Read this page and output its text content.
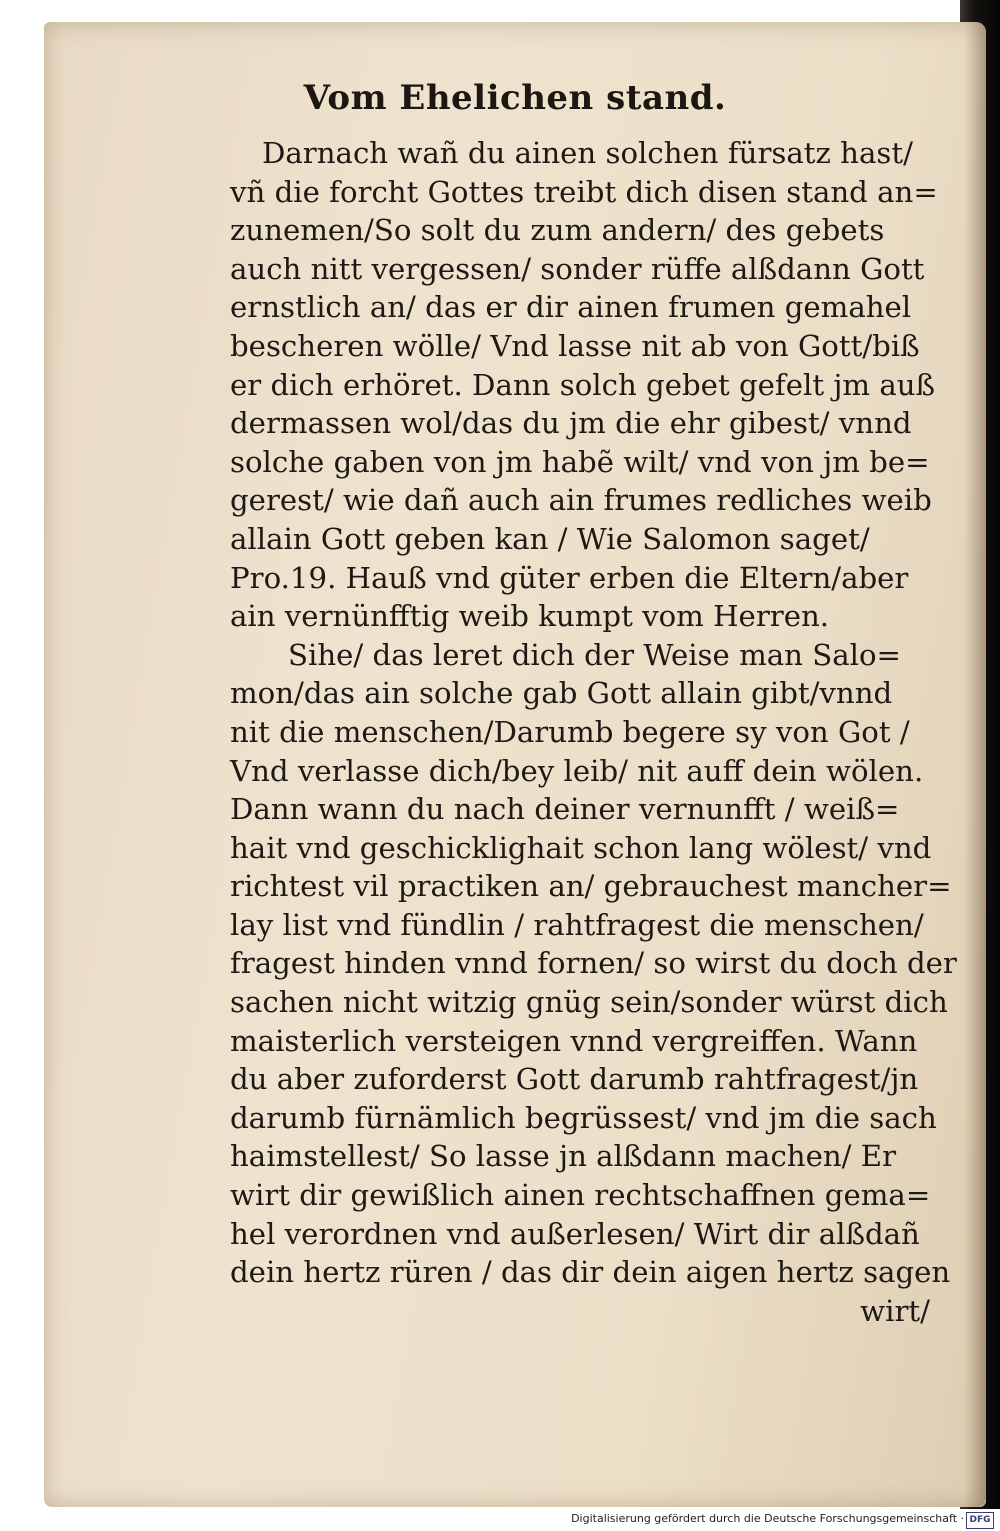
Vom Ehelichen stand.
Darnach wañ du ainen solchen fürsatz hast/
vñ die forcht Gottes treibt dich disen stand an=
zunemen/So solt du zum andern/ des gebets
auch nitt vergessen/ sonder rüffe alßdann Gott
ernstlich an/ das er dir ainen frumen gemahel
bescheren wölle/ Vnd lasse nit ab von Gott/biß
er dich erhöret. Dann solch gebet gefelt jm auß
dermassen wol/das du jm die ehr gibest/ vnnd
solche gaben von jm habẽ wilt/ vnd von jm be=
gerest/ wie dañ auch ain frumes redliches weib
allain Gott geben kan / Wie Salomon saget/
Pro.19. Hauß vnd güter erben die Eltern/aber
ain vernünfftig weib kumpt vom Herren.
Sihe/ das leret dich der Weise man Salo=
mon/das ain solche gab Gott allain gibt/vnnd
nit die menschen/Darumb begere sy von Got /
Vnd verlasse dich/bey leib/ nit auff dein wölen.
Dann wann du nach deiner vernunfft / weiß=
hait vnd geschicklighait schon lang wölest/ vnd
richtest vil practiken an/ gebrauchest mancher=
lay list vnd fündlin / rahtfragest die menschen/
fragest hinden vnnd fornen/ so wirst du doch der
sachen nicht witzig gnüg sein/sonder würst dich
maisterlich versteigen vnnd vergreiffen. Wann
du aber zuforderst Gott darumb rahtfragest/jn
darumb fürnämlich begrüssest/ vnd jm die sach
haimstellest/ So lasse jn alßdann machen/ Er
wirt dir gewißlich ainen rechtschaffnen gema=
hel verordnen vnd außerlesen/ Wirt dir alßdañ
dein hertz rüren / das dir dein aigen hertz sagen
wirt/
Digitalisierung gefördert durch die Deutsche Forschungsgemeinschaft · DFG
